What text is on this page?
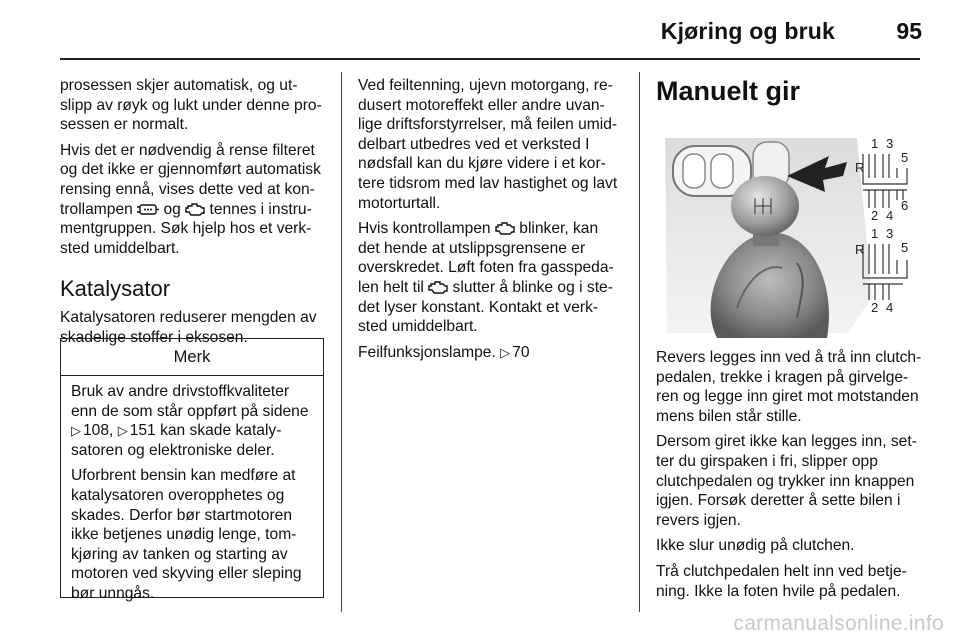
Kjøring og bruk	95

prosessen skjer automatisk, og ut-slipp av røyk og lukt under denne pro-sessen er normalt.

Hvis det er nødvendig å rense filteret og det ikke er gjennomført automatisk rensing ennå, vises dette ved at kon-trollampen  og  tennes i instru-mentgruppen. Søk hjelp hos et verk-sted umiddelbart.

Katalysator

Katalysatoren reduserer mengden av skadelige stoffer i eksosen.

Merk

Bruk av andre drivstoffkvaliteter enn de som står oppført på sidene ▷ 108, ▷ 151 kan skade kataly-satoren og elektroniske deler.

Uforbrent bensin kan medføre at katalysatoren overopphetes og skades. Derfor bør startmotoren ikke betjenes unødig lenge, tom-kjøring av tanken og starting av motoren ved skyving eller sleping bør unngås.

Ved feiltenning, ujevn motorgang, re-dusert motoreffekt eller andre uvan-lige driftsforstyrrelser, må feilen umid-delbart utbedres ved et verksted I nødsfall kan du kjøre videre i et kor-tere tidsrom med lav hastighet og lavt motorturtall.

Hvis kontrollampen  blinker, kan det hende at utslippsgrensene er overskredet. Løft foten fra gasspeda-len helt til  slutter å blinke og i ste-det lyser konstant. Kontakt et verk-sted umiddelbart.

Feilfunksjonslampe. ▷ 70

Manuelt gir
R
1 3
5
2 4
6
R
1 3
5
2 4

Revers legges inn ved å trå inn clutch-pedalen, trekke i kragen på girvelge-ren og legge inn giret mot motstanden mens bilen står stille.

Dersom giret ikke kan legges inn, set-ter du girspaken i fri, slipper opp clutchpedalen og trykker inn knappen igjen. Forsøk deretter å sette bilen i revers igjen.

Ikke slur unødig på clutchen.

Trå clutchpedalen helt inn ved betje-ning. Ikke la foten hvile på pedalen.

carmanualsonline.info
